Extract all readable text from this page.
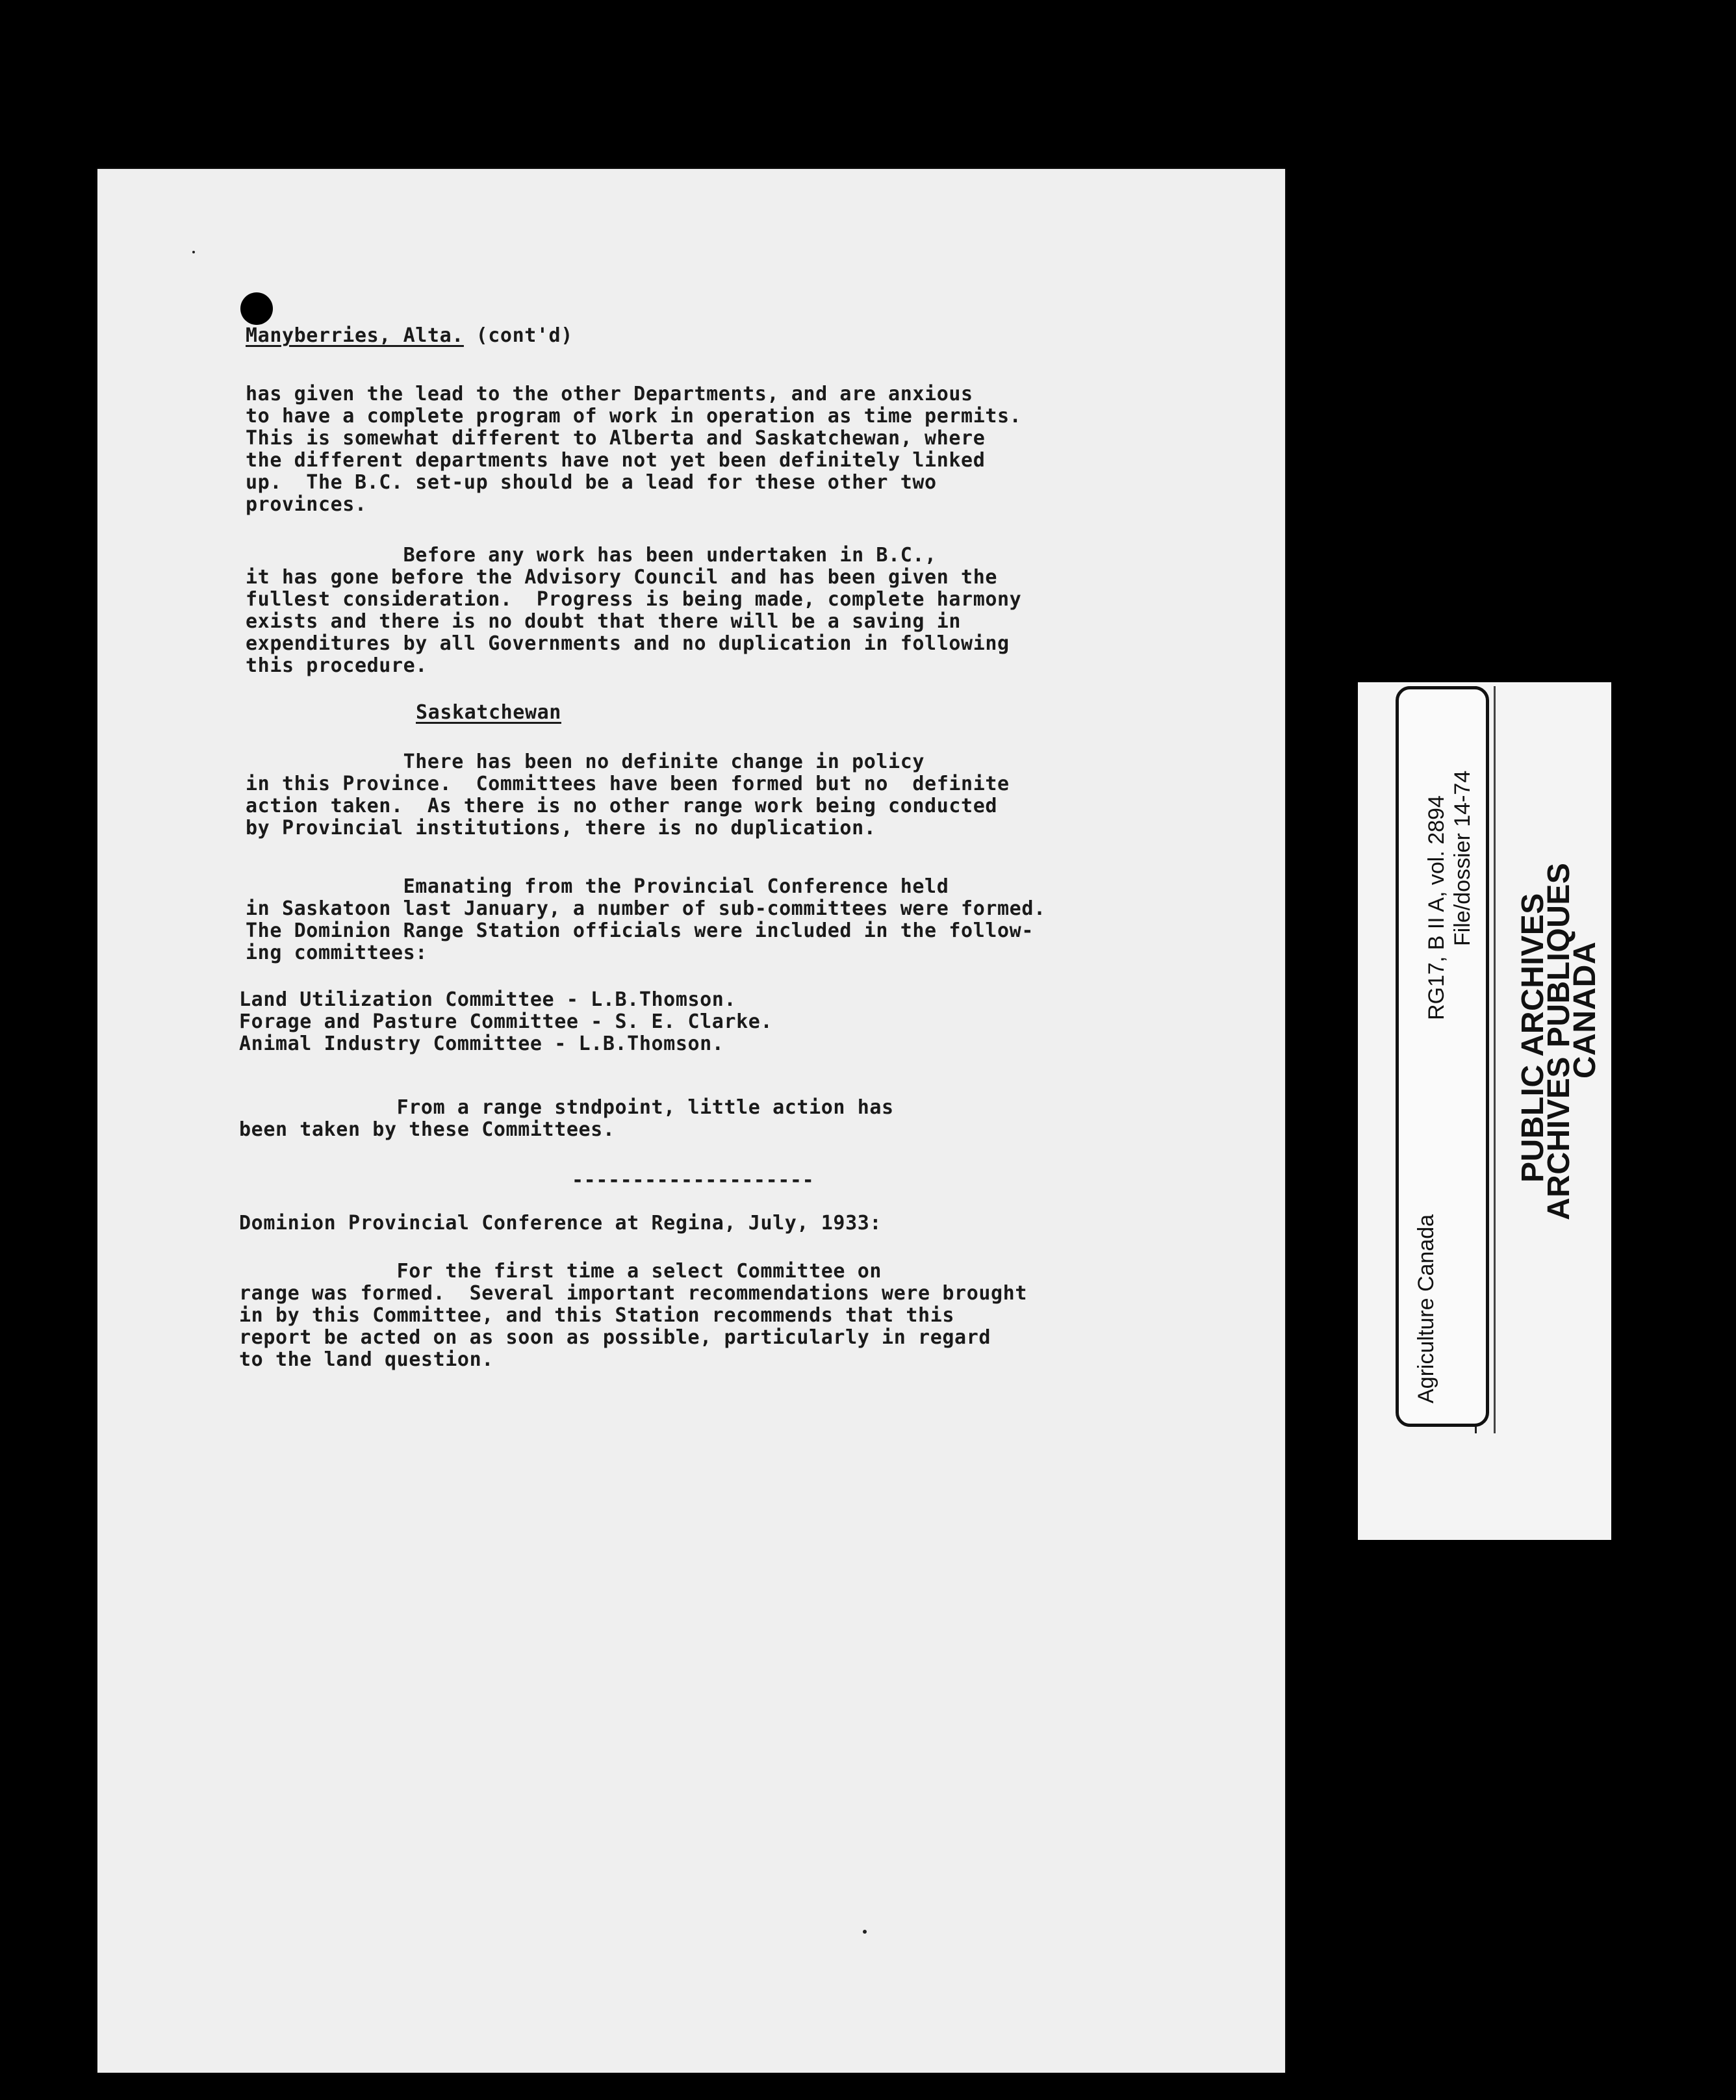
Manyberries, Alta. (cont'd)
has given the lead to the other Departments, and are anxious
to have a complete program of work in operation as time permits.
This is somewhat different to Alberta and Saskatchewan, where
the different departments have not yet been definitely linked
up.  The B.C. set-up should be a lead for these other two
provinces.
Before any work has been undertaken in B.C.,
it has gone before the Advisory Council and has been given the
fullest consideration.  Progress is being made, complete harmony
exists and there is no doubt that there will be a saving in
expenditures by all Governments and no duplication in following
this procedure.
Saskatchewan
There has been no definite change in policy
in this Province.  Committees have been formed but no  definite
action taken.  As there is no other range work being conducted
by Provincial institutions, there is no duplication.
Emanating from the Provincial Conference held
in Saskatoon last January, a number of sub-committees were formed.
The Dominion Range Station officials were included in the follow-
ing committees:
Land Utilization Committee - L.B.Thomson.
Forage and Pasture Committee - S. E. Clarke.
Animal Industry Committee - L.B.Thomson.
From a range stndpoint, little action has
been taken by these Committees.
--------------------
Dominion Provincial Conference at Regina, July, 1933:
For the first time a select Committee on
range was formed.  Several important recommendations were brought
in by this Committee, and this Station recommends that this
report be acted on as soon as possible, particularly in regard
to the land question.	Agriculture Canada
RG17, B II A, vol. 2894 File/dossier 14-74
PUBLIC ARCHIVES
ARCHIVES PUBLIQUES
CANADA
